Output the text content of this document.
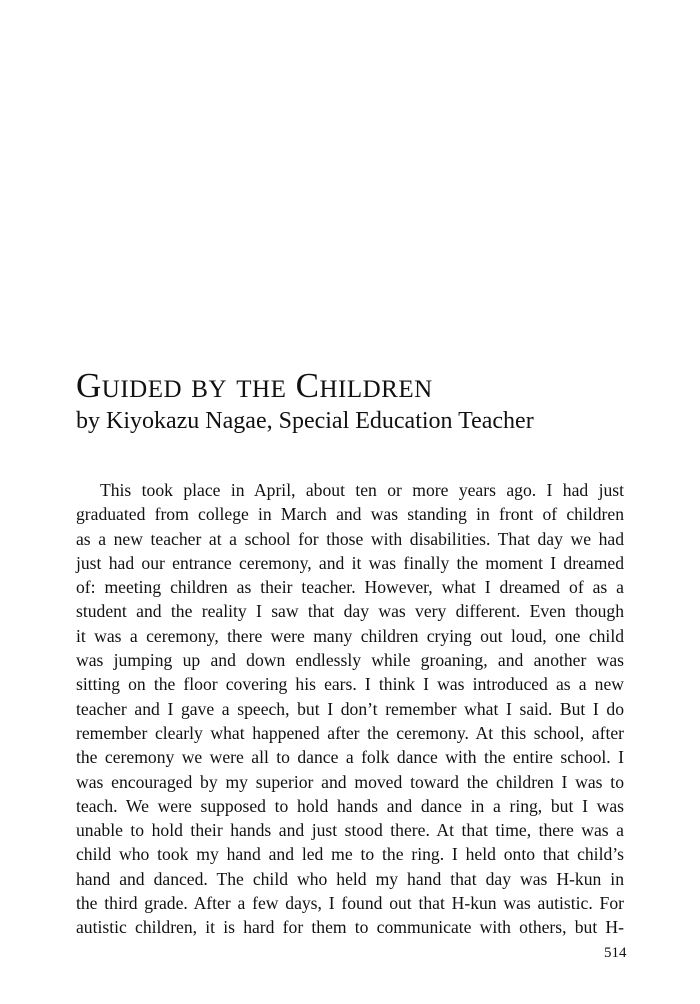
Guided by the Children
by Kiyokazu Nagae, Special Education Teacher
This took place in April, about ten or more years ago. I had just
graduated from college in March and was standing in front of children
as a new teacher at a school for those with disabilities. That day we had
just had our entrance ceremony, and it was finally the moment I dreamed
of: meeting children as their teacher. However, what I dreamed of as a
student and the reality I saw that day was very different. Even though
it was a ceremony, there were many children crying out loud, one child
was jumping up and down endlessly while groaning, and another was
sitting on the floor covering his ears. I think I was introduced as a new
teacher and I gave a speech, but I don’t remember what I said. But I do
remember clearly what happened after the ceremony. At this school, after
the ceremony we were all to dance a folk dance with the entire school. I
was encouraged by my superior and moved toward the children I was to
teach. We were supposed to hold hands and dance in a ring, but I was
unable to hold their hands and just stood there. At that time, there was a
child who took my hand and led me to the ring. I held onto that child’s
hand and danced. The child who held my hand that day was H-kun in
the third grade. After a few days, I found out that H-kun was autistic. For
autistic children, it is hard for them to communicate with others, but H-
514
